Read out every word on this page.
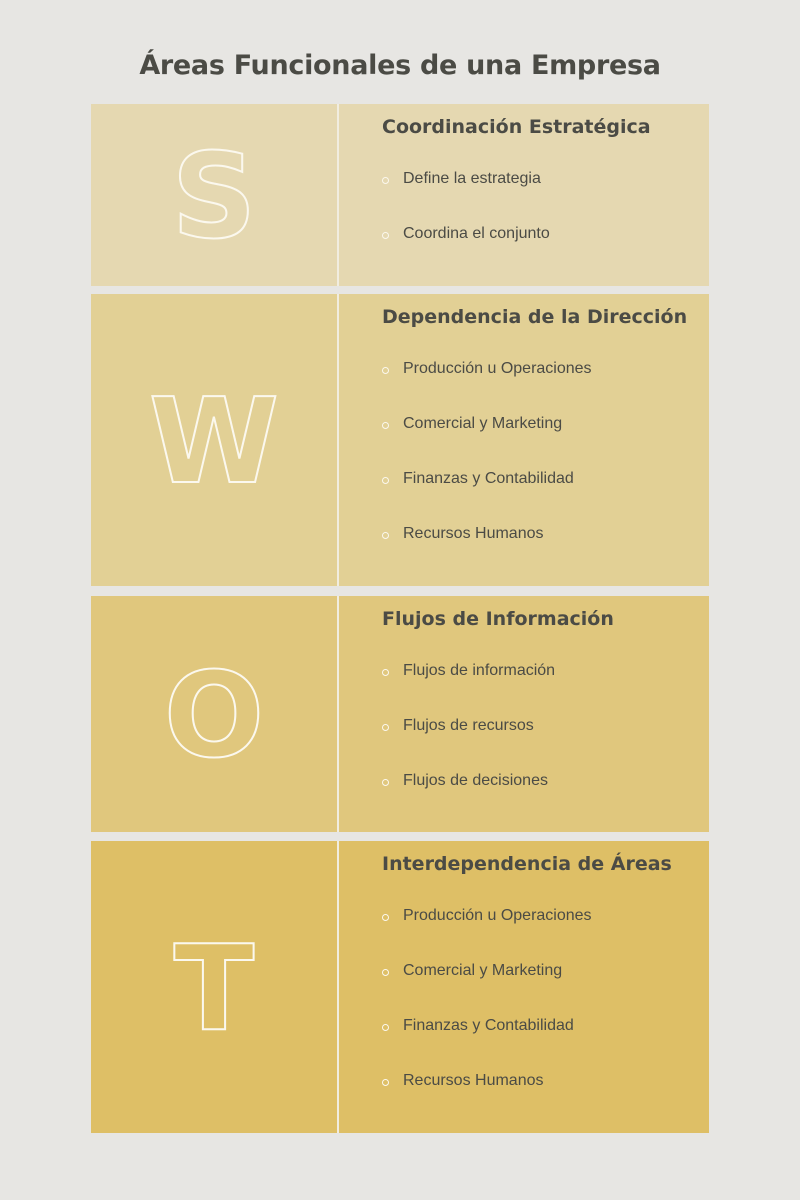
Áreas Funcionales de una Empresa
S	Coordinación Estratégica
Define la estrategia
Coordina el conjunto
W
Dependencia de la Dirección
Producción u Operaciones
Comercial y Marketing
Finanzas y Contabilidad
Recursos Humanos
O
Flujos de Información
Flujos de información
Flujos de recursos
Flujos de decisiones
T
Interdependencia de Áreas
Producción u Operaciones
Comercial y Marketing
Finanzas y Contabilidad
Recursos Humanos
